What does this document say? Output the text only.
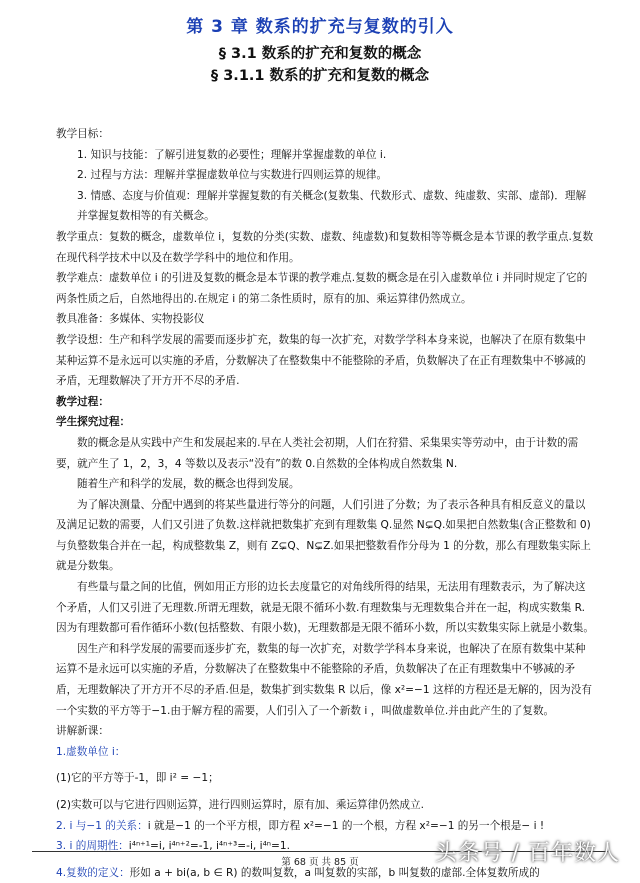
第 3 章 数系的扩充与复数的引入
§ 3.1 数系的扩充和复数的概念
§ 3.1.1 数系的扩充和复数的概念

教学目标：

1. 知识与技能：了解引进复数的必要性；理解并掌握虚数的单位 i.

2. 过程与方法：理解并掌握虚数单位与实数进行四则运算的规律。

3. 情感、态度与价值观：理解并掌握复数的有关概念(复数集、代数形式、虚数、纯虚数、实部、虚部)．理解并掌握复数相等的有关概念。

教学重点：复数的概念，虚数单位 i，复数的分类(实数、虚数、纯虚数)和复数相等等概念是本节课的教学重点.复数在现代科学技术中以及在数学学科中的地位和作用。

教学难点：虚数单位 i 的引进及复数的概念是本节课的教学难点.复数的概念是在引入虚数单位 i 并同时规定了它的两条性质之后，自然地得出的.在规定 i 的第二条性质时，原有的加、乘运算律仍然成立。

教具准备：多媒体、实物投影仪

教学设想：生产和科学发展的需要而逐步扩充，数集的每一次扩充，对数学学科本身来说，也解决了在原有数集中某种运算不是永远可以实施的矛盾，分数解决了在整数集中不能整除的矛盾，负数解决了在正有理数集中不够减的矛盾，无理数解决了开方开不尽的矛盾.

教学过程：

学生探究过程：

数的概念是从实践中产生和发展起来的.早在人类社会初期，人们在狩猎、采集果实等劳动中，由于计数的需要，就产生了 1，2，3，4 等数以及表示“没有”的数 0.自然数的全体构成自然数集 N.

随着生产和科学的发展，数的概念也得到发展。

为了解决测量、分配中遇到的将某些量进行等分的问题，人们引进了分数；为了表示各种具有相反意义的量以及满足记数的需要，人们又引进了负数.这样就把数集扩充到有理数集 Q.显然 N⊊Q.如果把自然数集(含正整数和 0)与负整数集合并在一起，构成整数集 Z，则有 Z⊊Q、N⊊Z.如果把整数看作分母为 1 的分数，那么有理数集实际上就是分数集。

有些量与量之间的比值，例如用正方形的边长去度量它的对角线所得的结果，无法用有理数表示，为了解决这个矛盾，人们又引进了无理数.所谓无理数，就是无限不循环小数.有理数集与无理数集合并在一起，构成实数集 R.因为有理数都可看作循环小数(包括整数、有限小数)，无理数都是无限不循环小数，所以实数集实际上就是小数集。

因生产和科学发展的需要而逐步扩充，数集的每一次扩充，对数学学科本身来说，也解决了在原有数集中某种运算不是永远可以实施的矛盾，分数解决了在整数集中不能整除的矛盾，负数解决了在正有理数集中不够减的矛盾，无理数解决了开方开不尽的矛盾.但是，数集扩到实数集 R 以后，像 x²=−1 这样的方程还是无解的，因为没有一个实数的平方等于−1.由于解方程的需要，人们引入了一个新数 i ，叫做虚数单位.并由此产生的了复数。

讲解新课：

1.虚数单位 i：

(1)它的平方等于-1，即 i² = −1；

(2)实数可以与它进行四则运算，进行四则运算时，原有加、乘运算律仍然成立.

2. i 与−1 的关系：i 就是−1 的一个平方根，即方程 x²=−1 的一个根，方程 x²=−1 的另一个根是− i !

3. i 的周期性：i⁴ⁿ⁺¹=i, i⁴ⁿ⁺²=-1, i⁴ⁿ⁺³=-i, i⁴ⁿ=1.

4.复数的定义：形如 a + bi(a, b ∈ R) 的数叫复数，a 叫复数的实部，b 叫复数的虚部.全体复数所成的

第 68 页 共 85 页	头条号 / 百年数人
